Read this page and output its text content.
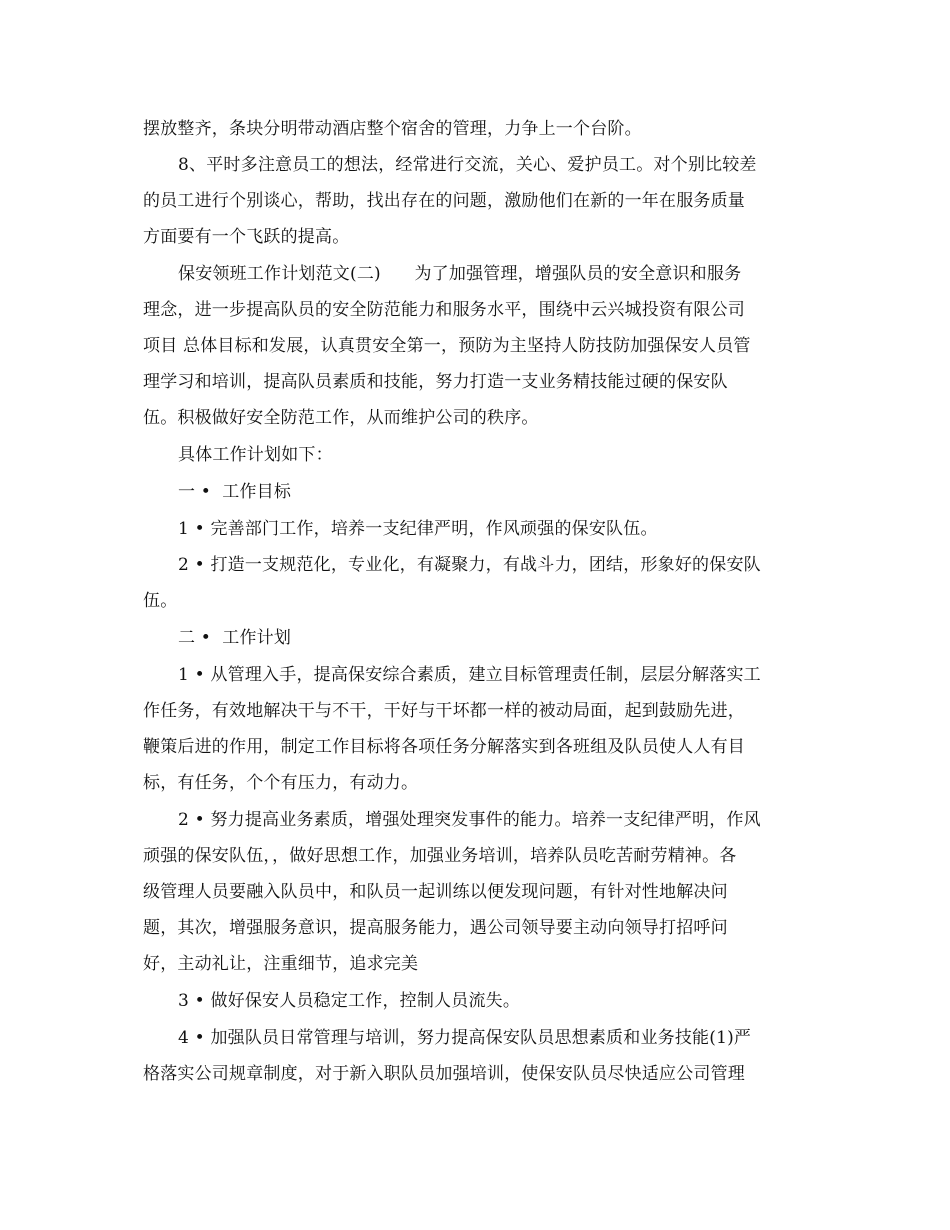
摆放整齐，条块分明带动酒店整个宿舍的管理，力争上一个台阶。
8、平时多注意员工的想法，经常进行交流，关心、爱护员工。对个别比较差
的员工进行个别谈心，帮助，找出存在的问题，激励他们在新的一年在服务质量
方面要有一个飞跃的提高。
保安领班工作计划范文(二)      为了加强管理，增强队员的安全意识和服务
理念，进一步提高队员的安全防范能力和服务水平，围绕中云兴城投资有限公司
项目 总体目标和发展，认真贯安全第一，预防为主坚持人防技防加强保安人员管
理学习和培训，提高队员素质和技能，努力打造一支业务精技能过硬的保安队
伍。积极做好安全防范工作，从而维护公司的秩序。
具体工作计划如下：
一 •  工作目标
1 • 完善部门工作，培养一支纪律严明，作风顽强的保安队伍。
2 • 打造一支规范化，专业化，有凝聚力，有战斗力，团结，形象好的保安队
伍。
二 •  工作计划
1 • 从管理入手，提高保安综合素质，建立目标管理责任制，层层分解落实工
作任务，有效地解决干与不干，干好与干坏都一样的被动局面，起到鼓励先进，
鞭策后进的作用，制定工作目标将各项任务分解落实到各班组及队员使人人有目
标，有任务，个个有压力，有动力。
2 • 努力提高业务素质，增强处理突发事件的能力。培养一支纪律严明，作风
顽强的保安队伍，，做好思想工作，加强业务培训，培养队员吃苦耐劳精神。各
级管理人员要融入队员中，和队员一起训练以便发现问题，有针对性地解决问
题，其次，增强服务意识，提高服务能力，遇公司领导要主动向领导打招呼问
好，主动礼让，注重细节，追求完美
3 • 做好保安人员稳定工作，控制人员流失。
4 • 加强队员日常管理与培训，努力提高保安队员思想素质和业务技能(1)严
格落实公司规章制度，对于新入职队员加强培训，使保安队员尽快适应公司管理
